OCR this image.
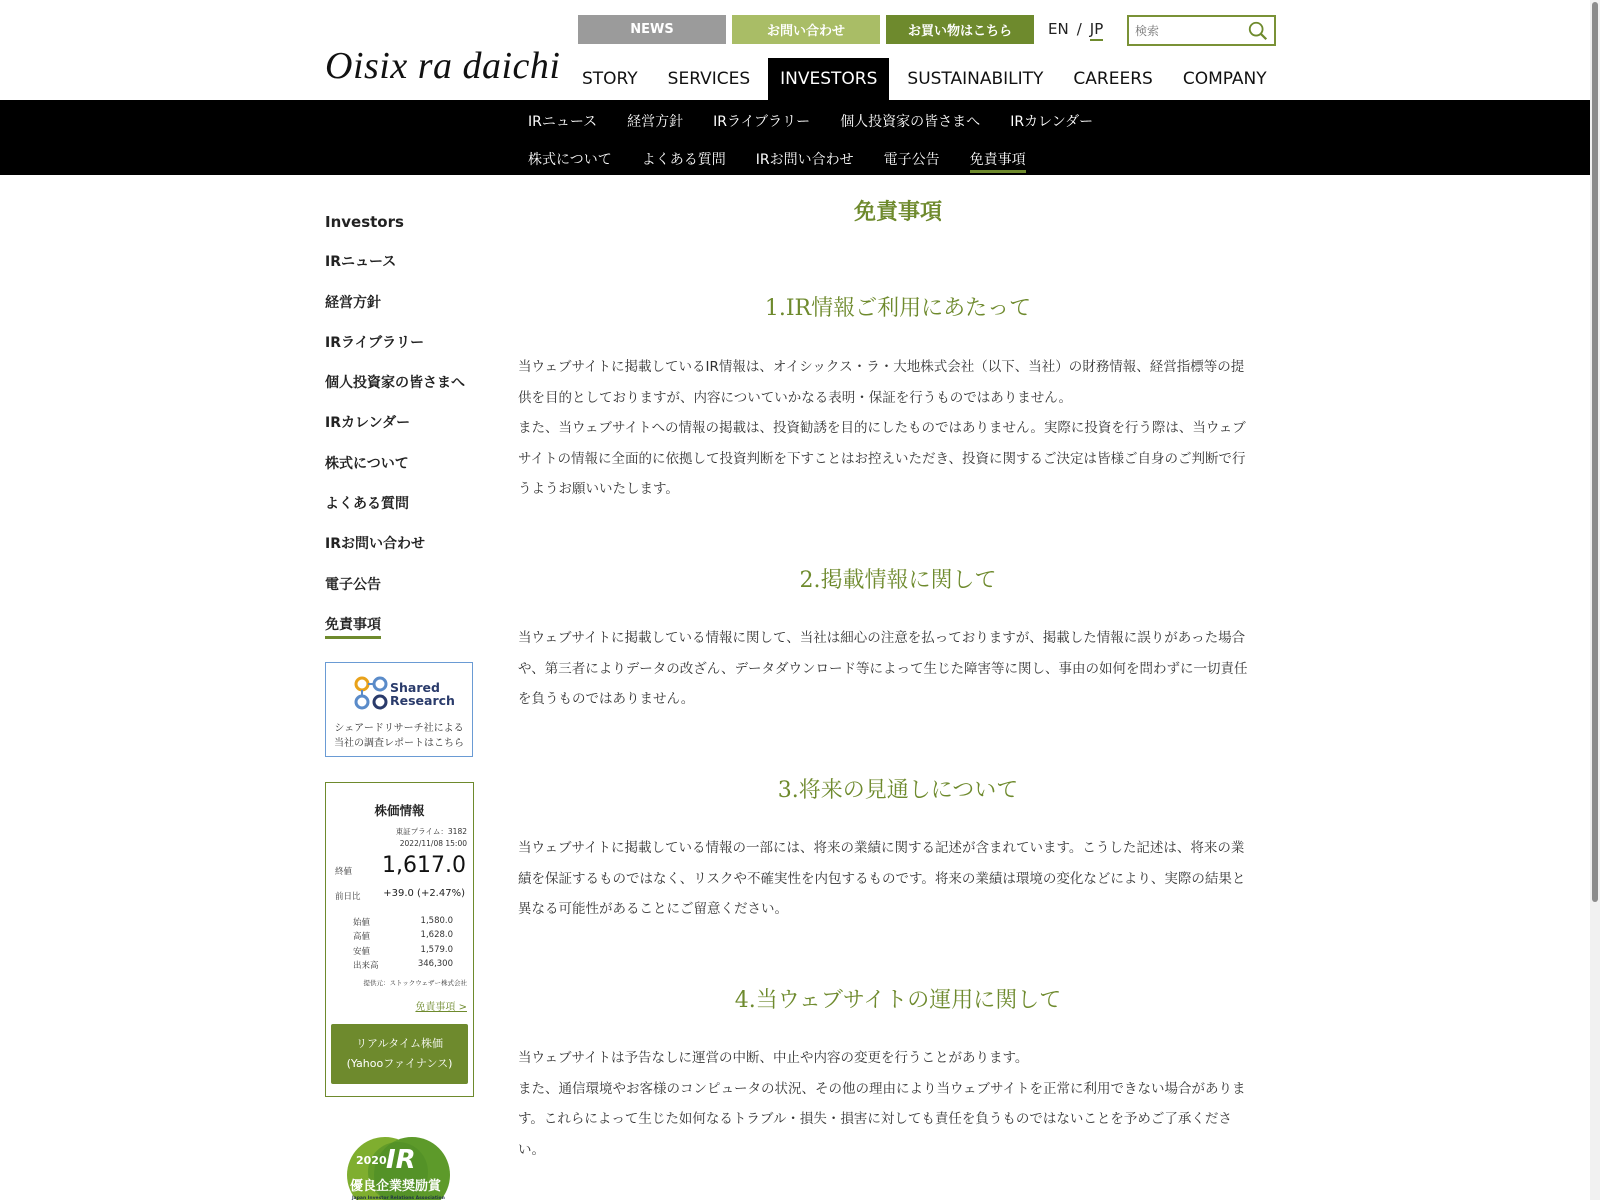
Oisix ra daichi
NEWS	お問い合わせ	お買い物はこちら	EN / JP
検索
STORY	SERVICES	INVESTORS	SUSTAINABILITY	CAREERS	COMPANY
IRニュース 経営方針 IRライブラリー 個人投資家の皆さまへ IRカレンダー
株式について よくある質問 IRお問い合わせ 電子公告 免責事項
Investors
IRニュース
経営方針
IRライブラリー
個人投資家の皆さまへ
IRカレンダー
株式について
よくある質問
IRお問い合わせ
電子公告
免責事項
Shared
Research
シェアードリサーチ社による
当社の調査レポートはこちら
株価情報
東証プライム：3182
2022/11/08 15:00
終値 1,617.0
前日比 +39.0 (+2.47%)
始値	1,580.0
高値	1,628.0
安値	1,579.0
出来高	346,300
提供元：ストックウェザー株式会社
免責事項 >
リアルタイム株価
(Yahooファイナンス)
2020 IR
優良企業奨励賞
Japan Investor Relations Association
免責事項
1.IR情報ご利用にあたって
当ウェブサイトに掲載しているIR情報は、オイシックス・ラ・大地株式会社（以下、当社）の財務情報、経営指標等の提
供を目的としておりますが、内容についていかなる表明・保証を行うものではありません。
また、当ウェブサイトへの情報の掲載は、投資勧誘を目的にしたものではありません。実際に投資を行う際は、当ウェブ
サイトの情報に全面的に依拠して投資判断を下すことはお控えいただき、投資に関するご決定は皆様ご自身のご判断で行
うようお願いいたします。
2.掲載情報に関して
当ウェブサイトに掲載している情報に関して、当社は細心の注意を払っておりますが、掲載した情報に誤りがあった場合
や、第三者によりデータの改ざん、データダウンロード等によって生じた障害等に関し、事由の如何を問わずに一切責任
を負うものではありません。
3.将来の見通しについて
当ウェブサイトに掲載している情報の一部には、将来の業績に関する記述が含まれています。こうした記述は、将来の業
績を保証するものではなく、リスクや不確実性を内包するものです。将来の業績は環境の変化などにより、実際の結果と
異なる可能性があることにご留意ください。
4.当ウェブサイトの運用に関して
当ウェブサイトは予告なしに運営の中断、中止や内容の変更を行うことがあります。
また、通信環境やお客様のコンピュータの状況、その他の理由により当ウェブサイトを正常に利用できない場合がありま
す。これらによって生じた如何なるトラブル・損失・損害に対しても責任を負うものではないことを予めご了承くださ
い。
